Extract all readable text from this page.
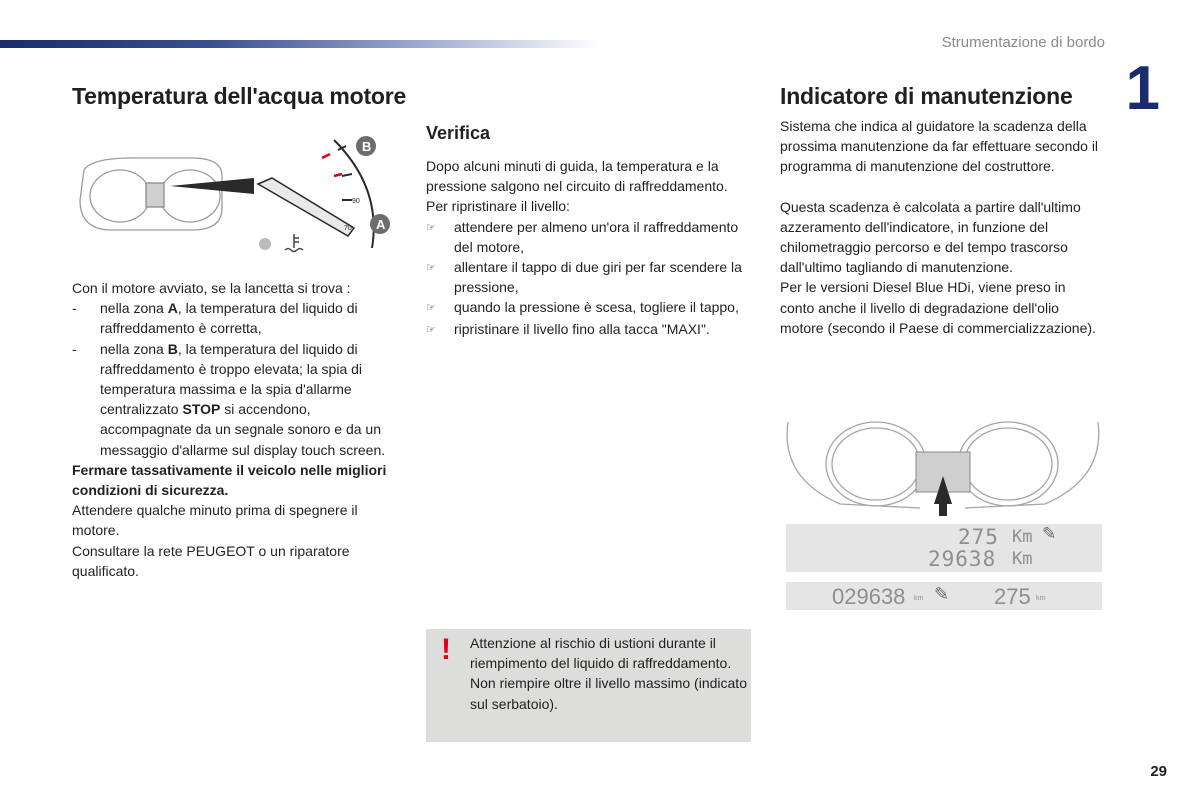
Strumentazione di bordo
1
Temperatura dell'acqua motore
90
70
B
A

Con il motore avviato, se la lancetta si trova :

-	nella zona A, la temperatura del liquido di raffreddamento è corretta,
-	nella zona B, la temperatura del liquido di raffreddamento è troppo elevata; la spia di temperatura massima e la spia d'allarme centralizzato STOP si accendono, accompagnate da un segnale sonoro e da un messaggio d'allarme sul display touch screen.

Fermare tassativamente il veicolo nelle migliori condizioni di sicurezza.

Attendere qualche minuto prima di spegnere il motore.

Consultare la rete PEUGEOT o un riparatore qualificato.

Verifica

Dopo alcuni minuti di guida, la temperatura e la pressione salgono nel circuito di raffreddamento.

Per ripristinare il livello:

☞	attendere per almeno un'ora il raffreddamento del motore,
☞	allentare il tappo di due giri per far scendere la pressione,
☞	quando la pressione è scesa, togliere il tappo,
☞	ripristinare il livello fino alla tacca "MAXI".
! Attenzione al rischio di ustioni durante il riempimento del liquido di raffreddamento. Non riempire oltre il livello massimo (indicato sul serbatoio).
Indicatore di manutenzione

Sistema che indica al guidatore la scadenza della prossima manutenzione da far effettuare secondo il programma di manutenzione del costruttore.

Questa scadenza è calcolata a partire dall'ultimo azzeramento dell'indicatore, in funzione del chilometraggio percorso e del tempo trascorso dall'ultimo tagliando di manutenzione.

Per le versioni Diesel Blue HDi, viene preso in conto anche il livello di degradazione dell'olio motore (secondo il Paese di commercializzazione).

275 Km ✎
29638 Km
029638 km ✎ 275 km
29
